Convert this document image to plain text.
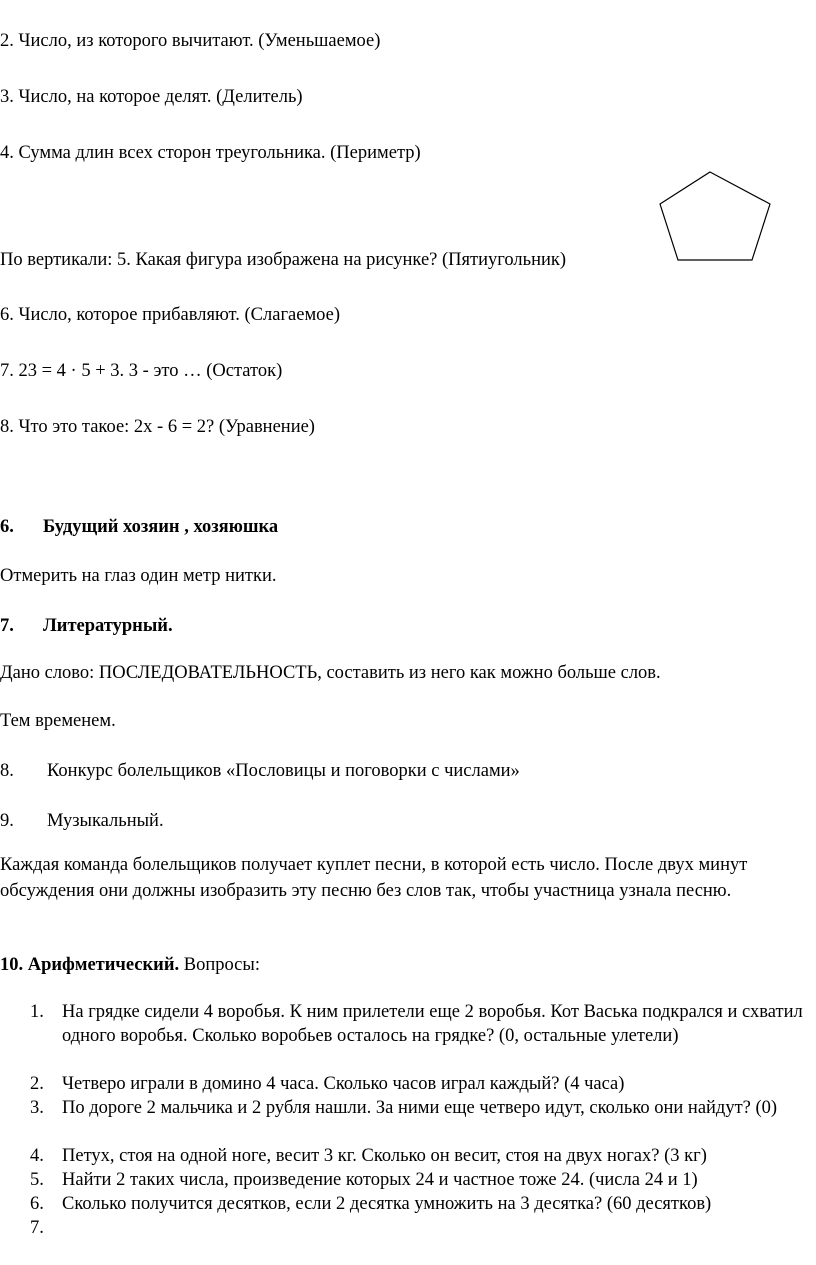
2. Число, из которого вычитают. (Уменьшаемое)
3. Число, на которое делят. (Делитель)
4. Сумма длин всех сторон треугольника. (Периметр)
По вертикали: 5. Какая фигура изображена на рисунке? (Пятиугольник)
6. Число, которое прибавляют. (Слагаемое)
7. 23 = 4 · 5 + 3. 3 - это … (Остаток)
8. Что это такое: 2х - 6 = 2? (Уравнение)
6. Будущий хозяин , хозяюшка
Отмерить на глаз один метр нитки.
7. Литературный.
Дано слово: ПОСЛЕДОВАТЕЛЬНОСТЬ, составить из него как можно больше слов.
Тем временем.
8. Конкурс болельщиков «Пословицы и поговорки с числами»
9. Музыкальный.
Каждая команда болельщиков получает куплет песни, в которой есть число. После двух минут обсуждения они должны изобразить эту песню без слов так, чтобы участница узнала песню.
10. Арифметический. Вопросы:
1. На грядке сидели 4 воробья. К ним прилетели еще 2 воробья. Кот Васька подкрался и схватил одного воробья. Сколько воробьев осталось на грядке? (0, остальные улетели)
2. Четверо играли в домино 4 часа. Сколько часов играл каждый? (4 часа)
3. По дороге 2 мальчика и 2 рубля нашли. За ними еще четверо идут, сколько они найдут? (0)
4. Петух, стоя на одной ноге, весит 3 кг. Сколько он весит, стоя на двух ногах? (3 кг)
5. Найти 2 таких числа, произведение которых 24 и частное тоже 24. (числа 24 и 1)
6. Сколько получится десятков, если 2 десятка умножить на 3 десятка? (60 десятков)
7.
